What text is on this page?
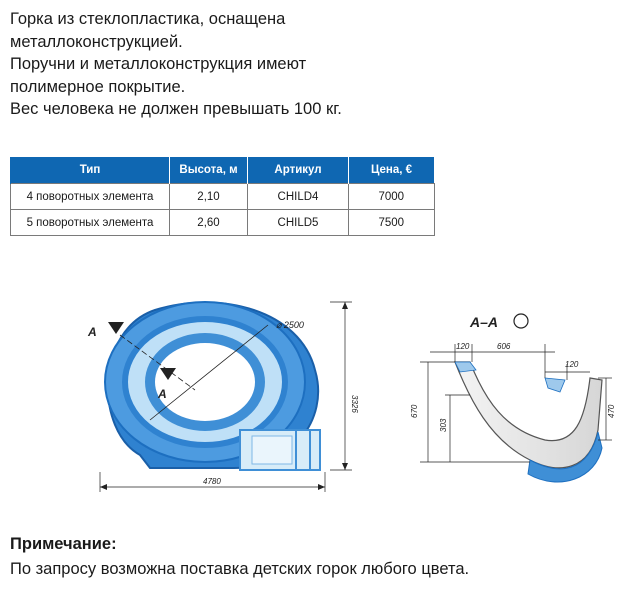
Горка из стеклопластика, оснащена
металлоконструкцией.
Поручни и металлоконструкция имеют
полимерное покрытие.
Вес человека не должен превышать 100 кг.
Тип	Высота, м	Артикул	Цена, €
4 поворотных элемента	2,10	CHILD4	7000
5 поворотных элемента	2,60	CHILD5	7500
A
A
⌀ 2500
3326
4780
A–A
120	606
120
670
303
470
Примечание:
По запросу возможна поставка детских горок любого цвета.
